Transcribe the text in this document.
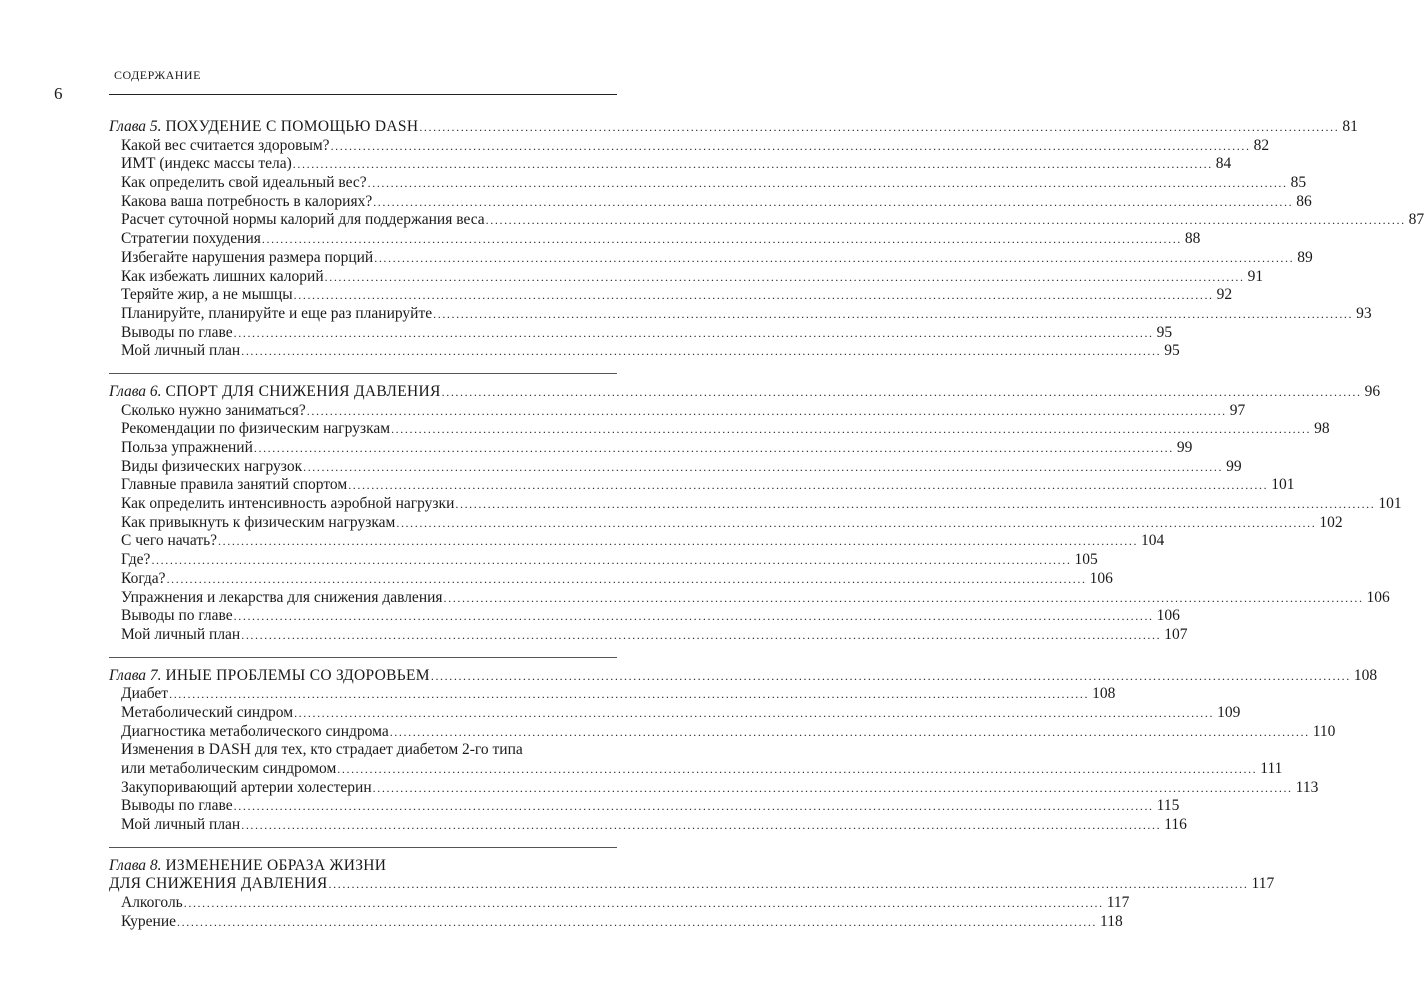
6
СОДЕРЖАНИЕ
Глава 5. ПОХУДЕНИЕ С ПОМОЩЬЮ DASH ........................................................................................................................................................................................................ 81
Какой вес считается здоровым? ........................................................................................................................................................................................................ 82
ИМТ (индекс массы тела) ........................................................................................................................................................................................................ 84
Как определить свой идеальный вес? ........................................................................................................................................................................................................ 85
Какова ваша потребность в калориях? ........................................................................................................................................................................................................ 86
Расчет суточной нормы калорий для поддержания веса ........................................................................................................................................................................................................ 87
Стратегии похудения ........................................................................................................................................................................................................ 88
Избегайте нарушения размера порций ........................................................................................................................................................................................................ 89
Как избежать лишних калорий ........................................................................................................................................................................................................ 91
Теряйте жир, а не мышцы ........................................................................................................................................................................................................ 92
Планируйте, планируйте и еще раз планируйте ........................................................................................................................................................................................................ 93
Выводы по главе ........................................................................................................................................................................................................ 95
Мой личный план ........................................................................................................................................................................................................ 95
Глава 6. СПОРТ ДЛЯ СНИЖЕНИЯ ДАВЛЕНИЯ ........................................................................................................................................................................................................ 96
Сколько нужно заниматься? ........................................................................................................................................................................................................ 97
Рекомендации по физическим нагрузкам ........................................................................................................................................................................................................ 98
Польза упражнений ........................................................................................................................................................................................................ 99
Виды физических нагрузок ........................................................................................................................................................................................................ 99
Главные правила занятий спортом ........................................................................................................................................................................................................ 101
Как определить интенсивность аэробной нагрузки ........................................................................................................................................................................................................ 101
Как привыкнуть к физическим нагрузкам ........................................................................................................................................................................................................ 102
С чего начать? ........................................................................................................................................................................................................ 104
Где? ........................................................................................................................................................................................................ 105
Когда? ........................................................................................................................................................................................................ 106
Упражнения и лекарства для снижения давления ........................................................................................................................................................................................................ 106
Выводы по главе ........................................................................................................................................................................................................ 106
Мой личный план ........................................................................................................................................................................................................ 107
Глава 7. ИНЫЕ ПРОБЛЕМЫ СО ЗДОРОВЬЕМ ........................................................................................................................................................................................................ 108
Диабет ........................................................................................................................................................................................................ 108
Метаболический синдром ........................................................................................................................................................................................................ 109
Диагностика метаболического синдрома ........................................................................................................................................................................................................ 110
Изменения в DASH для тех, кто страдает диабетом 2-го типа
или метаболическим синдромом ........................................................................................................................................................................................................ 111
Закупоривающий артерии холестерин ........................................................................................................................................................................................................ 113
Выводы по главе ........................................................................................................................................................................................................ 115
Мой личный план ........................................................................................................................................................................................................ 116
Глава 8. ИЗМЕНЕНИЕ ОБРАЗА ЖИЗНИ
ДЛЯ СНИЖЕНИЯ ДАВЛЕНИЯ ........................................................................................................................................................................................................ 117
Алкоголь ........................................................................................................................................................................................................ 117
Курение ........................................................................................................................................................................................................ 118
